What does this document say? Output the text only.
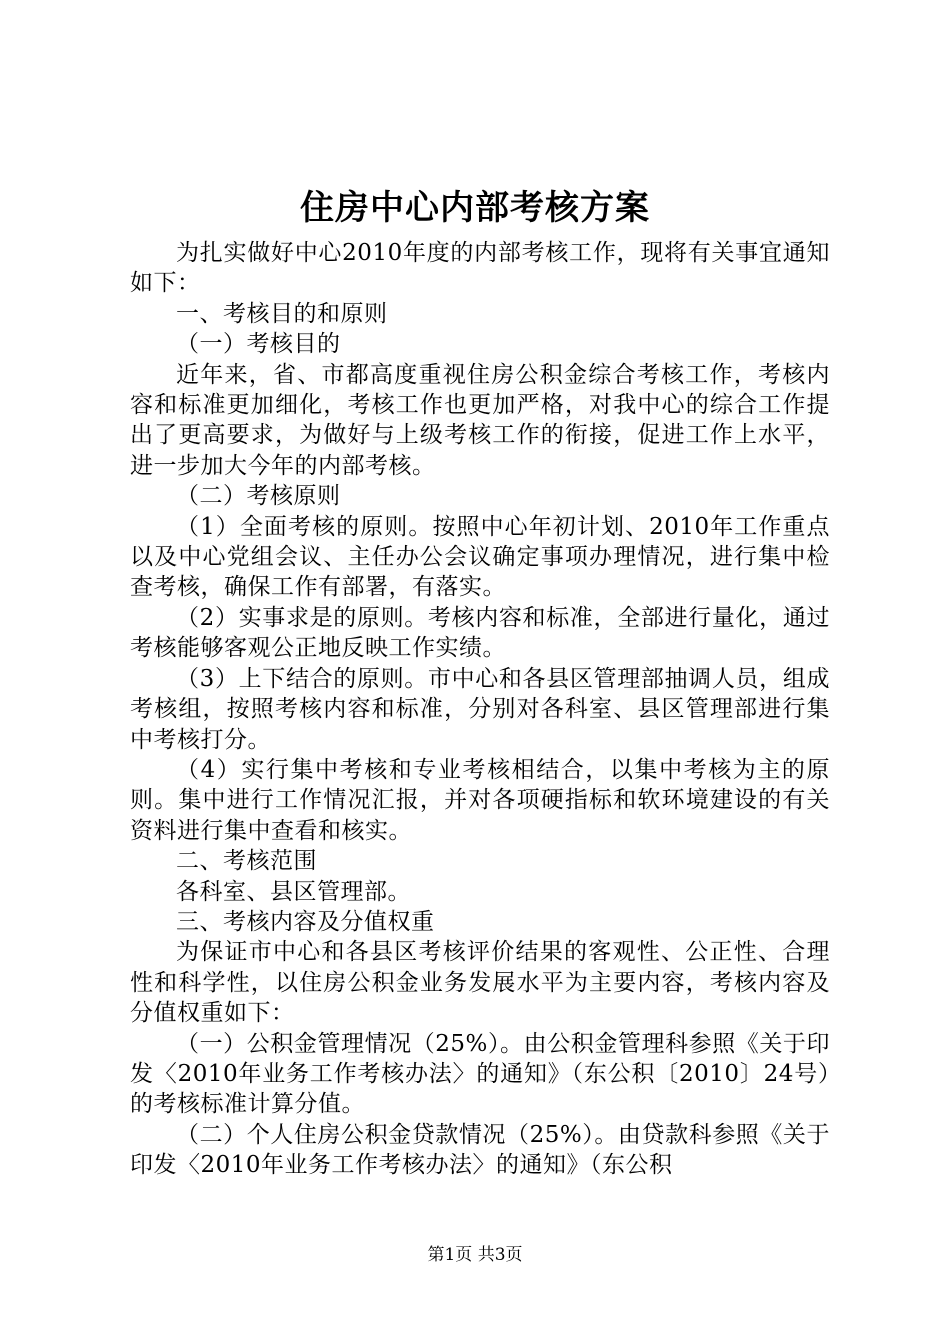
住房中心内部考核方案

为扎实做好中心2010年度的内部考核工作，现将有关事宜通知如下：

一、考核目的和原则

（一）考核目的

近年来，省、市都高度重视住房公积金综合考核工作，考核内容和标准更加细化，考核工作也更加严格，对我中心的综合工作提出了更高要求，为做好与上级考核工作的衔接，促进工作上水平，进一步加大今年的内部考核。

（二）考核原则

（1）全面考核的原则。按照中心年初计划、2010年工作重点以及中心党组会议、主任办公会议确定事项办理情况，进行集中检查考核，确保工作有部署，有落实。

（2）实事求是的原则。考核内容和标准，全部进行量化，通过考核能够客观公正地反映工作实绩。

（3）上下结合的原则。市中心和各县区管理部抽调人员，组成考核组，按照考核内容和标准，分别对各科室、县区管理部进行集中考核打分。

（4）实行集中考核和专业考核相结合，以集中考核为主的原则。集中进行工作情况汇报，并对各项硬指标和软环境建设的有关资料进行集中查看和核实。

二、考核范围

各科室、县区管理部。

三、考核内容及分值权重

为保证市中心和各县区考核评价结果的客观性、公正性、合理性和科学性，以住房公积金业务发展水平为主要内容，考核内容及分值权重如下：

（一）公积金管理情况（25%）。由公积金管理科参照《关于印发〈2010年业务工作考核办法〉的通知》（东公积〔2010〕24号）的考核标准计算分值。

（二）个人住房公积金贷款情况（25%）。由贷款科参照《关于印发〈2010年业务工作考核办法〉的通知》（东公积

第1页 共3页
